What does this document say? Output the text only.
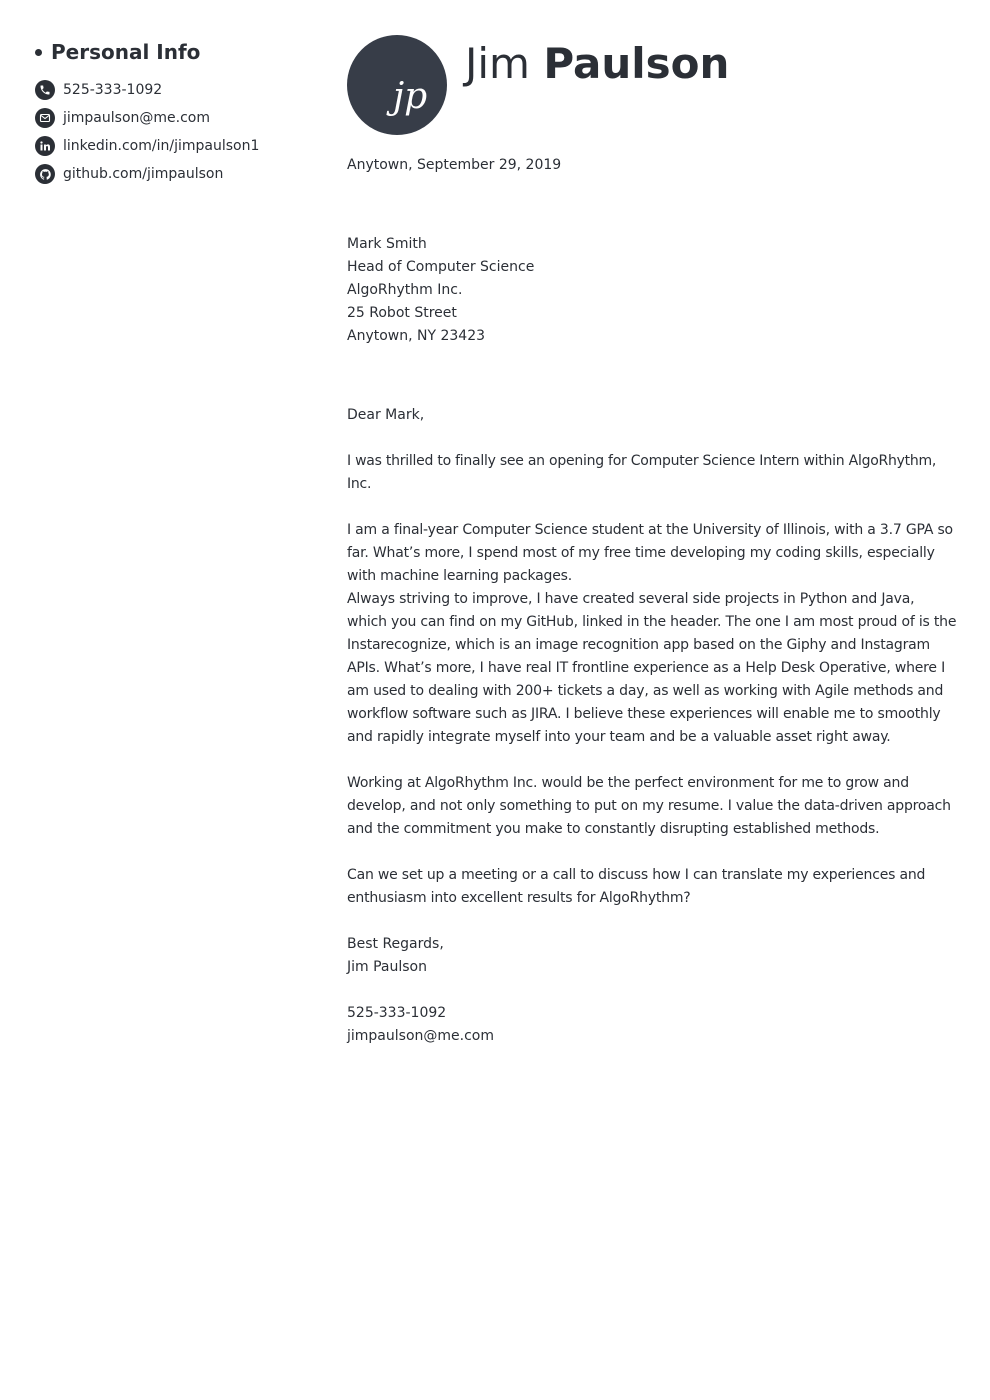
Personal Info
525-333-1092
jimpaulson@me.com
linkedin.com/in/jimpaulson1
github.com/jimpaulson
jp
Jim Paulson
Anytown, September 29, 2019
Mark Smith
Head of Computer Science
AlgoRhythm Inc.
25 Robot Street
Anytown, NY 23423
Dear Mark,

I was thrilled to finally see an opening for Computer Science Intern within AlgoRhythm, Inc.

I am a final-year Computer Science student at the University of Illinois, with a 3.7 GPA so far. What’s more, I spend most of my free time developing my coding skills, especially with machine learning packages.

Always striving to improve, I have created several side projects in Python and Java, which you can find on my GitHub, linked in the header. The one I am most proud of is the Instarecognize, which is an image recognition app based on the Giphy and Instagram APIs. What’s more, I have real IT frontline experience as a Help Desk Operative, where I am used to dealing with 200+ tickets a day, as well as working with Agile methods and workflow software such as JIRA. I believe these experiences will enable me to smoothly and rapidly integrate myself into your team and be a valuable asset right away.

Working at AlgoRhythm Inc. would be the perfect environment for me to grow and develop, and not only something to put on my resume. I value the data-driven approach and the commitment you make to constantly disrupting established methods.

Can we set up a meeting or a call to discuss how I can translate my experiences and enthusiasm into excellent results for AlgoRhythm?

Best Regards,
Jim Paulson
525-333-1092
jimpaulson@me.com
